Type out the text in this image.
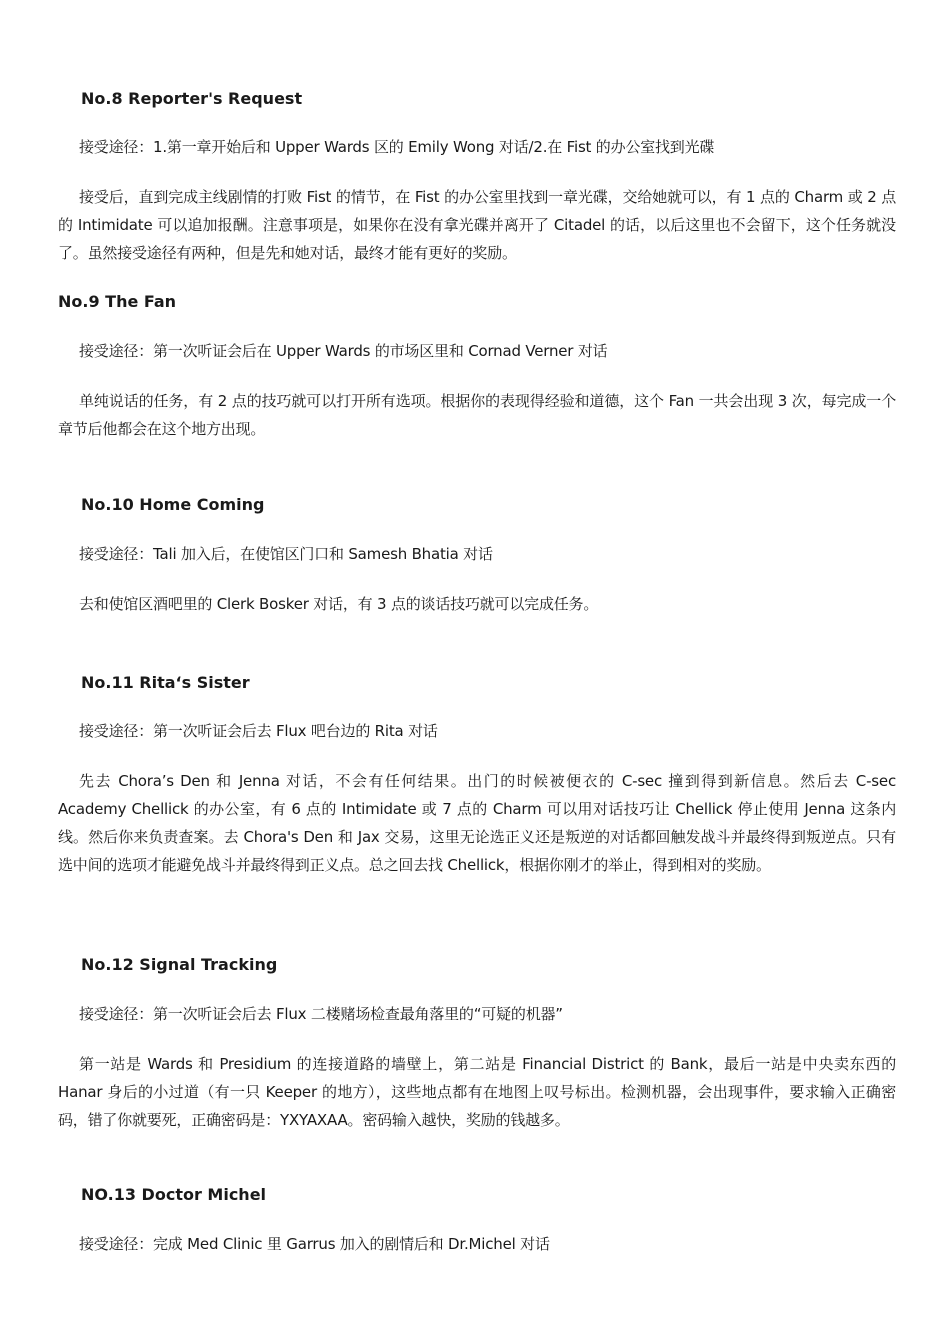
No.8 Reporter's Request

接受途径：1.第一章开始后和 Upper Wards 区的 Emily Wong 对话/2.在 Fist 的办公室找到光碟

接受后，直到完成主线剧情的打败 Fist 的情节，在 Fist 的办公室里找到一章光碟，交给她就可以，有 1 点的 Charm 或 2 点的 Intimidate 可以追加报酬。注意事项是，如果你在没有拿光碟并离开了 Citadel 的话，以后这里也不会留下，这个任务就没了。虽然接受途径有两种，但是先和她对话，最终才能有更好的奖励。

No.9 The Fan

接受途径：第一次听证会后在 Upper Wards 的市场区里和 Cornad Verner 对话

单纯说话的任务，有 2 点的技巧就可以打开所有选项。根据你的表现得经验和道德，这个 Fan 一共会出现 3 次，每完成一个章节后他都会在这个地方出现。

No.10 Home Coming

接受途径：Tali 加入后，在使馆区门口和 Samesh Bhatia 对话

去和使馆区酒吧里的 Clerk Bosker 对话，有 3 点的谈话技巧就可以完成任务。

No.11 Rita‘s Sister

接受途径：第一次听证会后去 Flux 吧台边的 Rita 对话

先去 Chora’s Den 和 Jenna 对话，不会有任何结果。出门的时候被便衣的 C-sec 撞到得到新信息。然后去 C-sec Academy Chellick 的办公室，有 6 点的 Intimidate 或 7 点的 Charm 可以用对话技巧让 Chellick 停止使用 Jenna 这条内线。然后你来负责查案。去 Chora's Den 和 Jax 交易，这里无论选正义还是叛逆的对话都回触发战斗并最终得到叛逆点。只有选中间的选项才能避免战斗并最终得到正义点。总之回去找 Chellick，根据你刚才的举止，得到相对的奖励。

No.12 Signal Tracking

接受途径：第一次听证会后去 Flux 二楼赌场检查最角落里的“可疑的机器”

第一站是 Wards 和 Presidium 的连接道路的墙壁上，第二站是 Financial District 的 Bank，最后一站是中央卖东西的 Hanar 身后的小过道（有一只 Keeper 的地方），这些地点都有在地图上叹号标出。检测机器，会出现事件，要求输入正确密码，错了你就要死，正确密码是：YXYAXAA。密码输入越快，奖励的钱越多。

NO.13 Doctor Michel

接受途径：完成 Med Clinic 里 Garrus 加入的剧情后和 Dr.Michel 对话
